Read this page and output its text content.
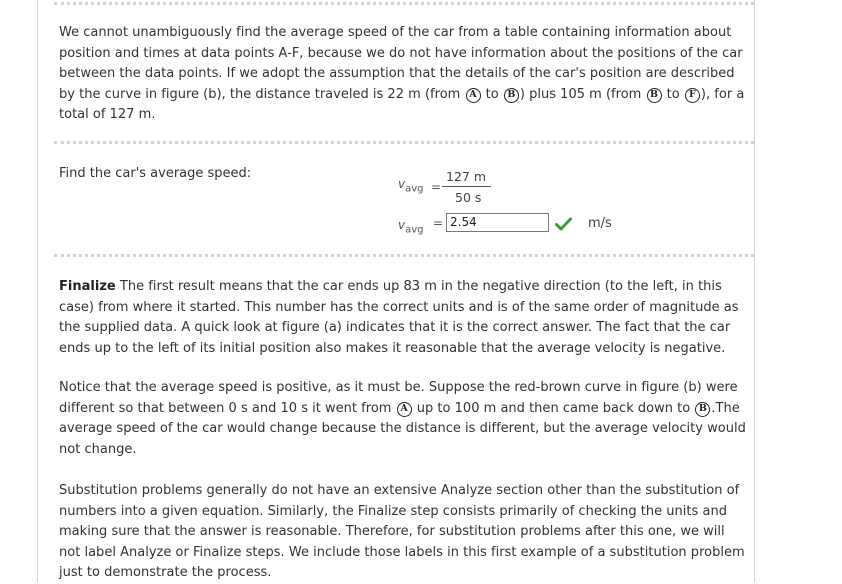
We cannot unambiguously find the average speed of the car from a table containing information about position and times at data points A-F, because we do not have information about the positions of the car between the data points. If we adopt the assumption that the details of the car's position are described by the curve in figure (b), the distance traveled is 22 m (from A to B ) plus 105 m (from B to F ), for a total of 127 m.
Find the car's average speed:
$v_{avg}$ =
127 m
50 s
$v_{avg} = 2.54$	m/s
Finalize The first result means that the car ends up 83 m in the negative direction (to the left, in this case) from where it started. This number has the correct units and is of the same order of magnitude as the supplied data. A quick look at figure (a) indicates that it is the correct answer. The fact that the car ends up to the left of its initial position also makes it reasonable that the average velocity is negative.
Notice that the average speed is positive, as it must be. Suppose the red-brown curve in figure (b) were different so that between 0 s and 10 s it went from A up to 100 m and then came back down to B .The average speed of the car would change because the distance is different, but the average velocity would not change.
Substitution problems generally do not have an extensive Analyze section other than the substitution of numbers into a given equation. Similarly, the Finalize step consists primarily of checking the units and making sure that the answer is reasonable. Therefore, for substitution problems after this one, we will not label Analyze or Finalize steps. We include those labels in this first example of a substitution problem just to demonstrate the process.
